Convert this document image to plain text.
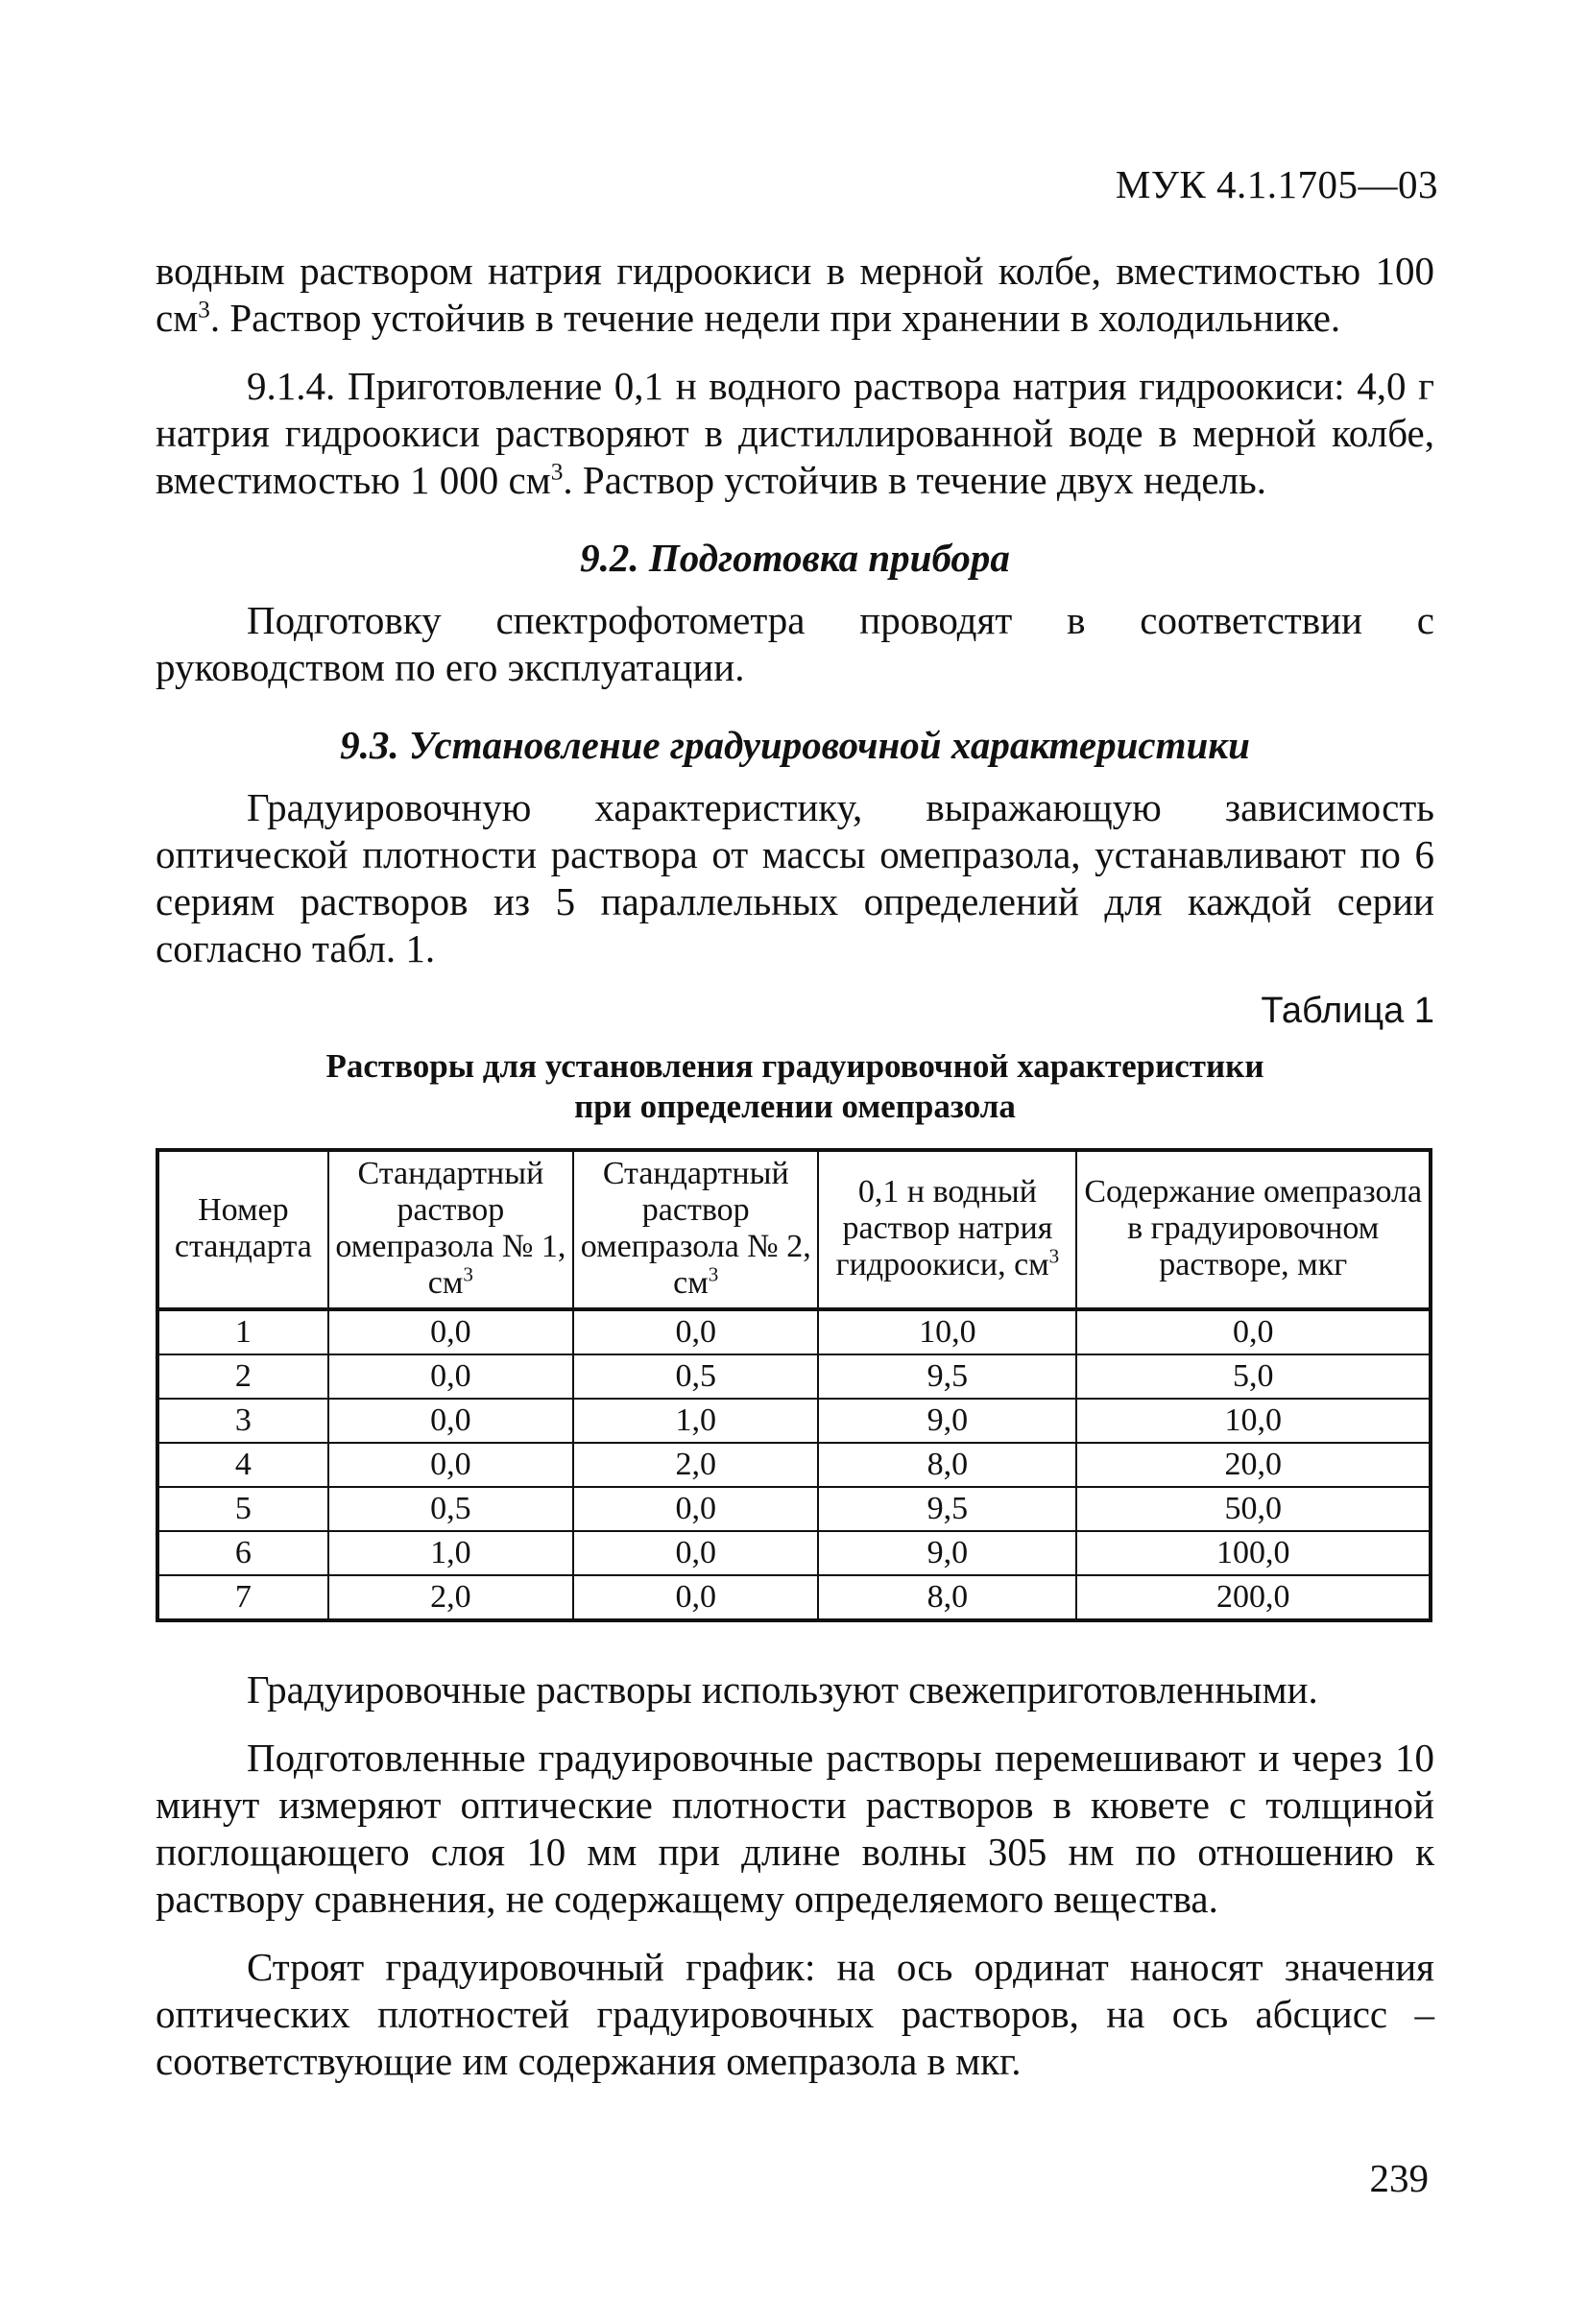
МУК 4.1.1705—03

водным раствором натрия гидроокиси в мерной колбе, вместимостью 100 $см^3$. Раствор устойчив в течение недели при хранении в холодильнике.

9.1.4. Приготовление 0,1 н водного раствора натрия гидроокиси: 4,0 г натрия гидроокиси растворяют в дистиллированной воде в мерной колбе, вместимостью 1 000 $см^3$. Раствор устойчив в течение двух недель.

9.2. Подготовка прибора

Подготовку спектрофотометра проводят в соответствии с руководством по его эксплуатации.

9.3. Установление градуировочной характеристики

Градуировочную характеристику, выражающую зависимость оптической плотности раствора от массы омепразола, устанавливают по 6 сериям растворов из 5 параллельных определений для каждой серии согласно табл. 1.

Таблица 1
Растворы для установления градуировочной характеристики
при определении омепразола
Номер стандарта	Стандартный раствор омепразола № 1, $см^3$	Стандартный раствор омепразола № 2, $см^3$	0,1 н водный раствор натрия гидроокиси, $см^3$	Содержание омепразола в градуировочном растворе, мкг
1	0,0	0,0	10,0	0,0
2	0,0	0,5	9,5	5,0
3	0,0	1,0	9,0	10,0
4	0,0	2,0	8,0	20,0
5	0,5	0,0	9,5	50,0
6	1,0	0,0	9,0	100,0
7	2,0	0,0	8,0	200,0

Градуировочные растворы используют свежеприготовленными.

Подготовленные градуировочные растворы перемешивают и через 10 минут измеряют оптические плотности растворов в кювете с толщиной поглощающего слоя 10 мм при длине волны 305 нм по отношению к раствору сравнения, не содержащему определяемого вещества.

Строят градуировочный график: на ось ординат наносят значения оптических плотностей градуировочных растворов, на ось абсцисс – соответствующие им содержания омепразола в мкг.

239
